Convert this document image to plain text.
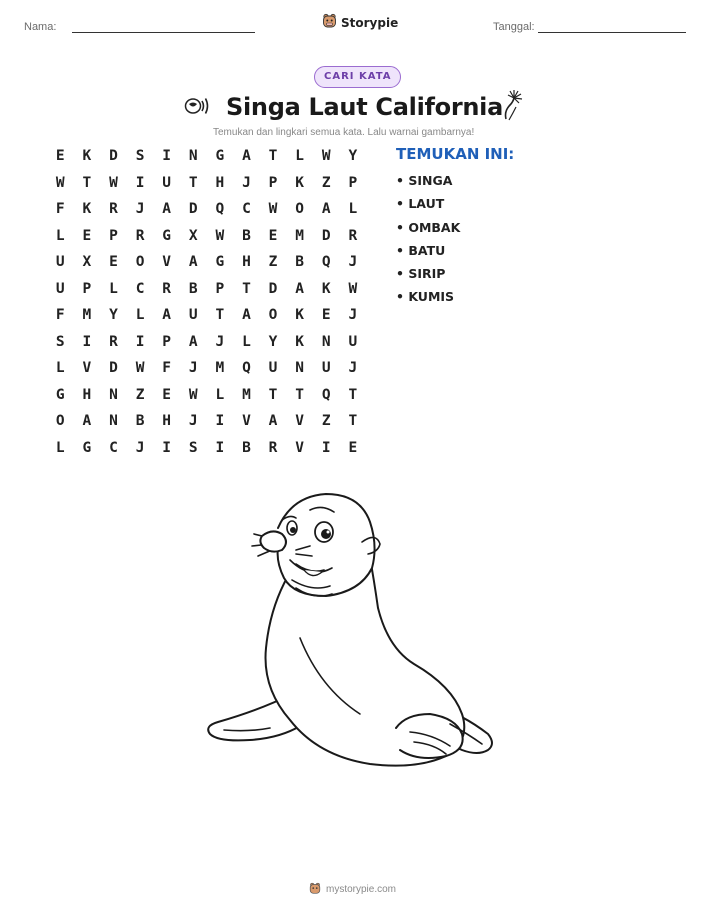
Nama:	Storypie	Tanggal:
CARI KATA
Singa Laut California
Temukan dan lingkari semua kata. Lalu warnai gambarnya!
E	K	D	S	I	N	G	A	T	L	W	Y
W	T	W	I	U	T	H	J	P	K	Z	P
F	K	R	J	A	D	Q	C	W	O	A	L
L	E	P	R	G	X	W	B	E	M	D	R
U	X	E	O	V	A	G	H	Z	B	Q	J
U	P	L	C	R	B	P	T	D	A	K	W
F	M	Y	L	A	U	T	A	O	K	E	J
S	I	R	I	P	A	J	L	Y	K	N	U
L	V	D	W	F	J	M	Q	U	N	U	J
G	H	N	Z	E	W	L	M	T	T	Q	T
O	A	N	B	H	J	I	V	A	V	Z	T
L	G	C	J	I	S	I	B	R	V	I	E
TEMUKAN INI:
• SINGA
• LAUT
• OMBAK
• BATU
• SIRIP
• KUMIS
mystorypie.com
